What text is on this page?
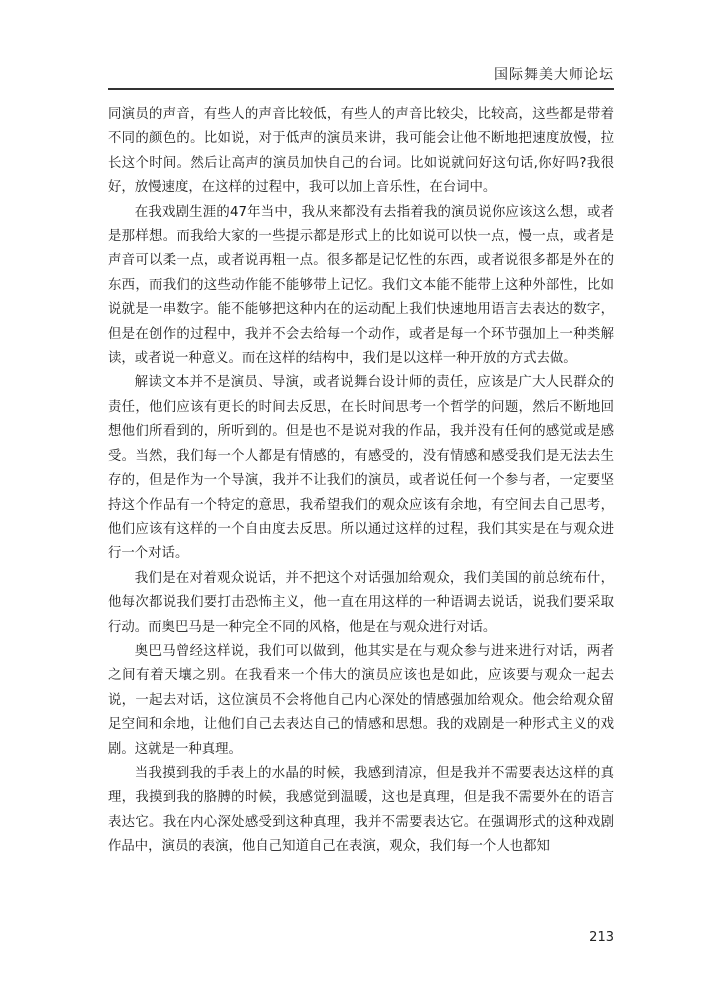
国际舞美大师论坛

同演员的声音，有些人的声音比较低，有些人的声音比较尖，比较高，这些都是带着不同的颜色的。比如说，对于低声的演员来讲，我可能会让他不断地把速度放慢，拉长这个时间。然后让高声的演员加快自己的台词。比如说就问好这句话,你好吗?我很好，放慢速度，在这样的过程中，我可以加上音乐性，在台词中。

在我戏剧生涯的47年当中，我从来都没有去指着我的演员说你应该这么想，或者是那样想。而我给大家的一些提示都是形式上的比如说可以快一点，慢一点，或者是声音可以柔一点，或者说再粗一点。很多都是记忆性的东西，或者说很多都是外在的东西，而我们的这些动作能不能够带上记忆。我们文本能不能带上这种外部性，比如说就是一串数字。能不能够把这种内在的运动配上我们快速地用语言去表达的数字，但是在创作的过程中，我并不会去给每一个动作，或者是每一个环节强加上一种类解读，或者说一种意义。而在这样的结构中，我们是以这样一种开放的方式去做。

解读文本并不是演员、导演，或者说舞台设计师的责任，应该是广大人民群众的责任，他们应该有更长的时间去反思，在长时间思考一个哲学的问题，然后不断地回想他们所看到的，所听到的。但是也不是说对我的作品，我并没有任何的感觉或是感受。当然，我们每一个人都是有情感的，有感受的，没有情感和感受我们是无法去生存的，但是作为一个导演，我并不让我们的演员，或者说任何一个参与者，一定要坚持这个作品有一个特定的意思，我希望我们的观众应该有余地，有空间去自己思考，他们应该有这样的一个自由度去反思。所以通过这样的过程，我们其实是在与观众进行一个对话。

我们是在对着观众说话，并不把这个对话强加给观众，我们美国的前总统布什，他每次都说我们要打击恐怖主义，他一直在用这样的一种语调去说话，说我们要采取行动。而奥巴马是一种完全不同的风格，他是在与观众进行对话。

奥巴马曾经这样说，我们可以做到，他其实是在与观众参与进来进行对话，两者之间有着天壤之别。在我看来一个伟大的演员应该也是如此，应该要与观众一起去说，一起去对话，这位演员不会将他自己内心深处的情感强加给观众。他会给观众留足空间和余地，让他们自己去表达自己的情感和思想。我的戏剧是一种形式主义的戏剧。这就是一种真理。

当我摸到我的手表上的水晶的时候，我感到清凉，但是我并不需要表达这样的真理，我摸到我的胳膊的时候，我感觉到温暖，这也是真理，但是我不需要外在的语言表达它。我在内心深处感受到这种真理，我并不需要表达它。在强调形式的这种戏剧作品中，演员的表演，他自己知道自己在表演，观众，我们每一个人也都知

213
